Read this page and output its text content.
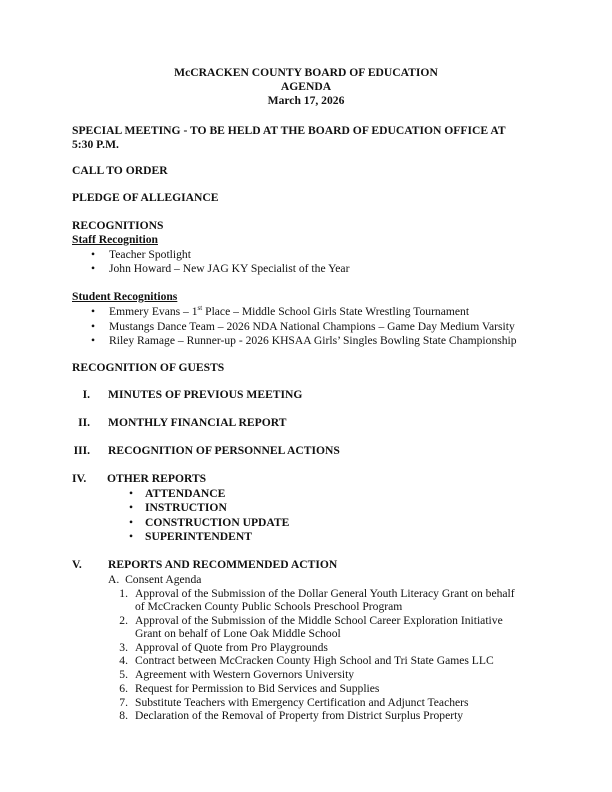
McCRACKEN COUNTY BOARD OF EDUCATION
AGENDA
March 17, 2026
SPECIAL MEETING - TO BE HELD AT THE BOARD OF EDUCATION OFFICE AT
5:30 P.M.
CALL TO ORDER
PLEDGE OF ALLEGIANCE
RECOGNITIONS
Staff Recognition
• Teacher Spotlight
• John Howard – New JAG KY Specialist of the Year
Student Recognitions
• Emmery Evans – 1st Place – Middle School Girls State Wrestling Tournament
• Mustangs Dance Team – 2026 NDA National Champions – Game Day Medium Varsity
• Riley Ramage – Runner-up - 2026 KHSAA Girls’ Singles Bowling State Championship
RECOGNITION OF GUESTS
I. MINUTES OF PREVIOUS MEETING
II. MONTHLY FINANCIAL REPORT
III. RECOGNITION OF PERSONNEL ACTIONS
IV. OTHER REPORTS
• ATTENDANCE
• INSTRUCTION
• CONSTRUCTION UPDATE
• SUPERINTENDENT
V. REPORTS AND RECOMMENDED ACTION
A.  Consent Agenda
1. Approval of the Submission of the Dollar General Youth Literacy Grant on behalf
of McCracken County Public Schools Preschool Program
2. Approval of the Submission of the Middle School Career Exploration Initiative
Grant on behalf of Lone Oak Middle School
3. Approval of Quote from Pro Playgrounds
4. Contract between McCracken County High School and Tri State Games LLC
5. Agreement with Western Governors University
6. Request for Permission to Bid Services and Supplies
7. Substitute Teachers with Emergency Certification and Adjunct Teachers
8. Declaration of the Removal of Property from District Surplus Property
